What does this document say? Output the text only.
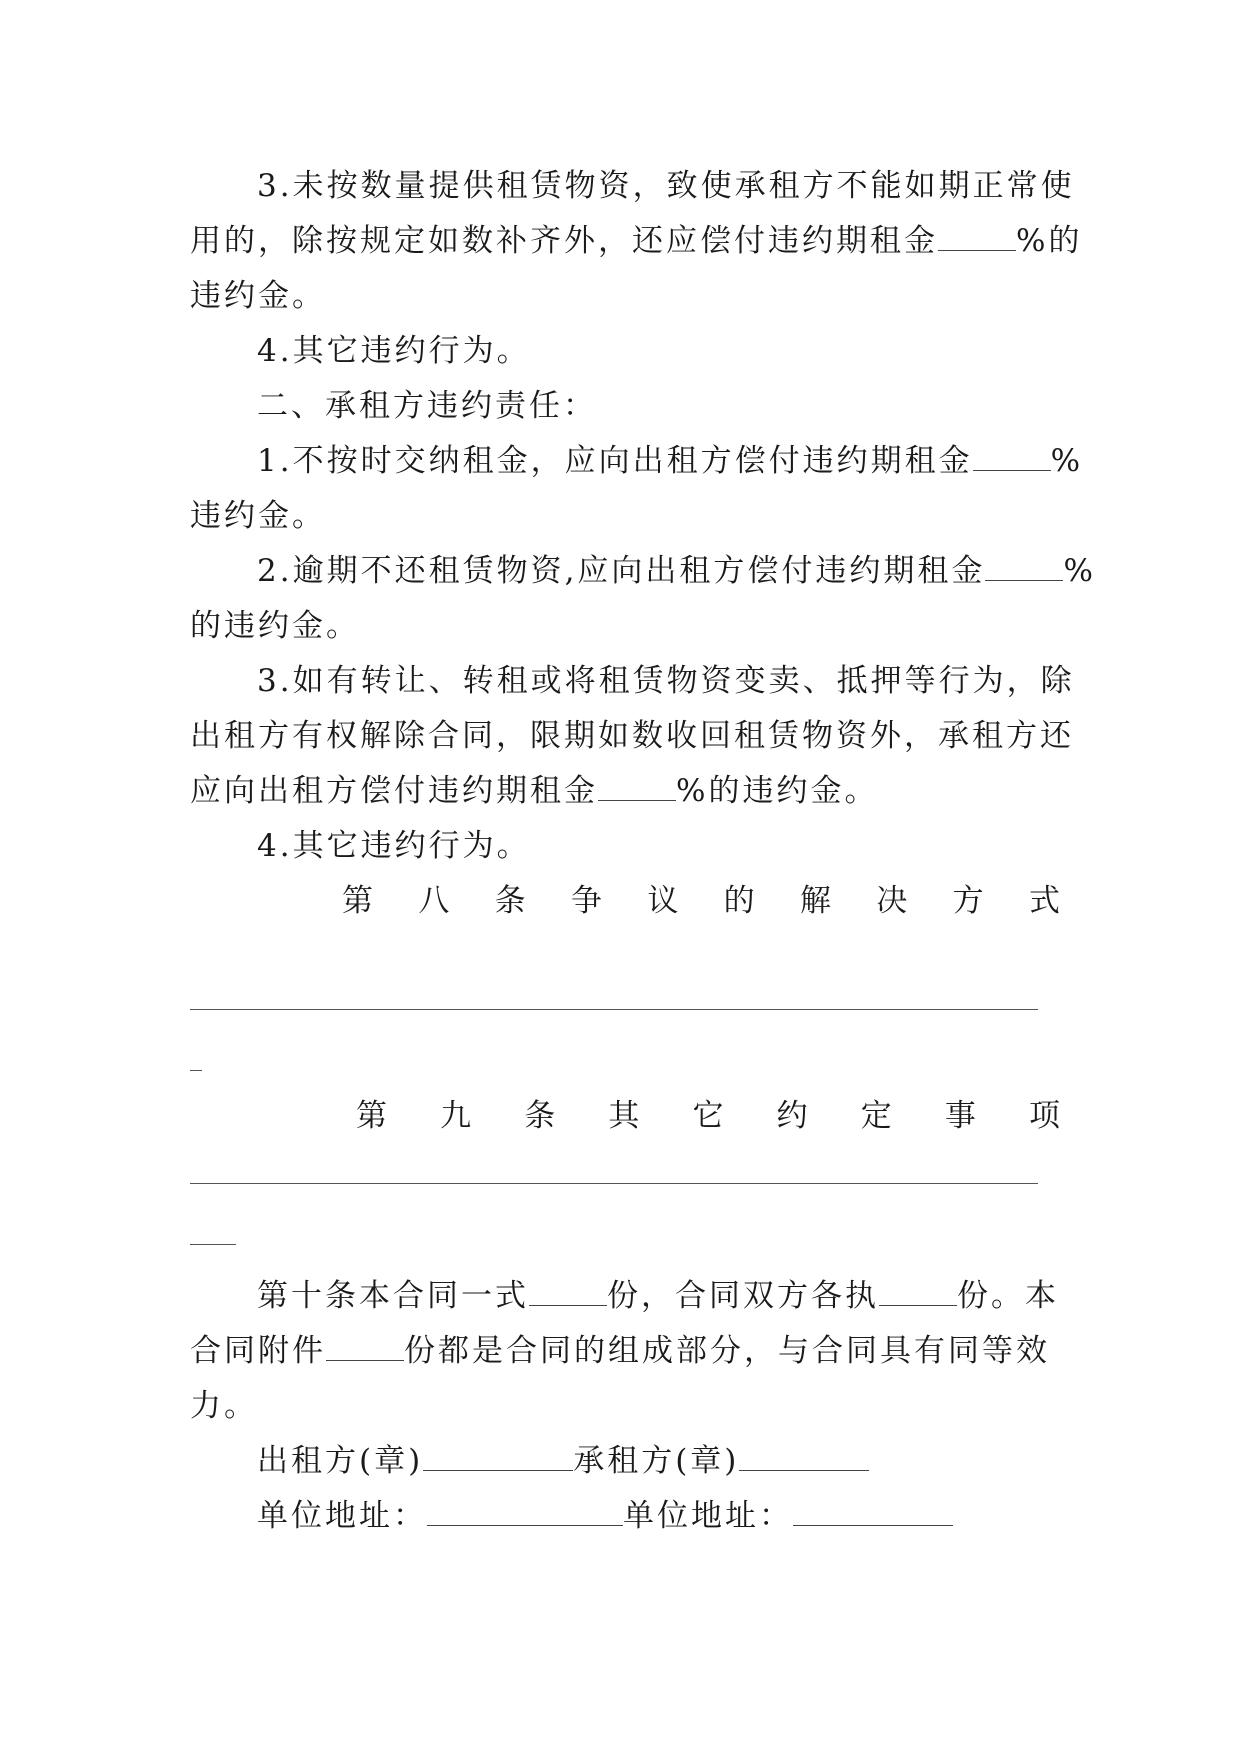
3.未按数量提供租赁物资，致使承租方不能如期正常使
用的，除按规定如数补齐外，还应偿付违约期租金	%的
违约金。
4.其它违约行为。
二、承租方违约责任：
1.不按时交纳租金，应向出租方偿付违约期租金	%
违约金。
2.逾期不还租赁物资,应向出租方偿付违约期租金	%
的违约金。
3.如有转让、转租或将租赁物资变卖、抵押等行为，除
出租方有权解除合同，限期如数收回租赁物资外，承租方还
应向出租方偿付违约期租金	%的违约金。
4.其它违约行为。
第 八 条 争 议 的 解 决 方 式
第 九 条 其 它 约 定 事 项
第十条本合同一式	份，合同双方各执	份。本
合同附件	份都是合同的组成部分，与合同具有同等效
力。
出租方(章)	承租方(章)
单位地址：	单位地址：
